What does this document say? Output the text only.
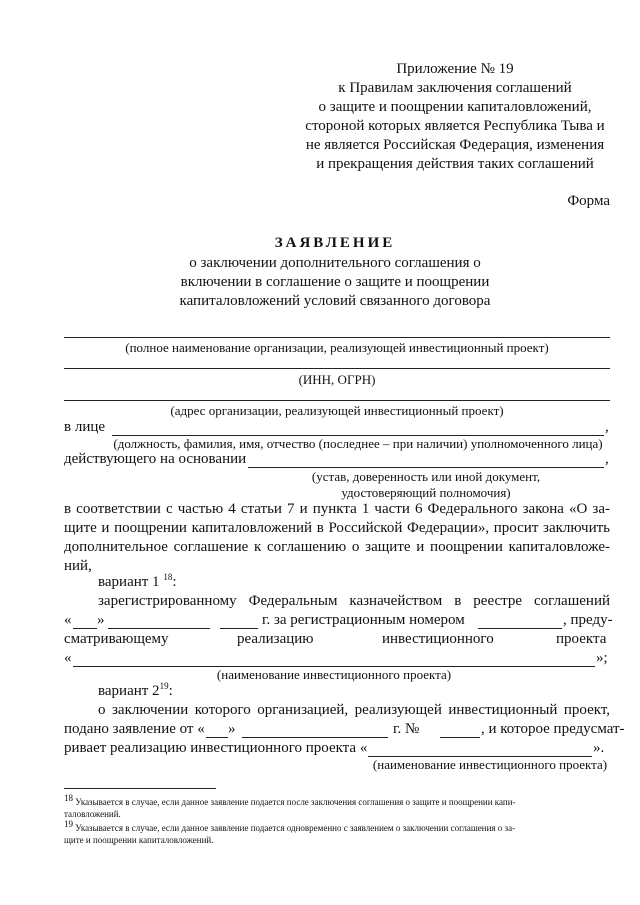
Приложение № 19
к Правилам заключения соглашений
о защите и поощрении капиталовложений,
стороной которых является Республика Тыва и
не является Российская Федерация, изменения
и прекращения действия таких соглашений
Форма
ЗАЯВЛЕНИЕ
о заключении дополнительного соглашения о
включении в соглашение о защите и поощрении
капиталовложений условий связанного договора
(полное наименование организации, реализующей инвестиционный проект)
(ИНН, ОГРН)
(адрес организации, реализующей инвестиционный проект)
в лице	,
(должность, фамилия, имя, отчество (последнее – при наличии) уполномоченного лица)
действующего на основании	,
(устав, доверенность или иной документ,
удостоверяющий полномочия)
в соответствии с частью 4 статьи 7 и пункта 1 части 6 Федерального закона «О за-
щите и поощрении капиталовложений в Российской Федерации», просит заключить
дополнительное соглашение к соглашению о защите и поощрении капиталовложе-
ний,
вариант 1 $^{18}$:
зарегистрированному Федеральным казначейством в реестре соглашений
« »	г. за регистрационным номером	, преду-
сматривающему	реализацию	инвестиционного	проекта
«	»;
(наименование инвестиционного проекта)
вариант $2^{19}$:
о заключении которого организацией, реализующей инвестиционный проект,
подано заявление от « »	г. №	, и которое предусмат-
ривает реализацию инвестиционного проекта «	».
(наименование инвестиционного проекта)
$^{18}$ Указывается в случае, если данное заявление подается после заключения соглашения о защите и поощрении капи-
таловложений.
$^{19}$ Указывается в случае, если данное заявление подается одновременно с заявлением о заключении соглашения о за-
щите и поощрении капиталовложений.
